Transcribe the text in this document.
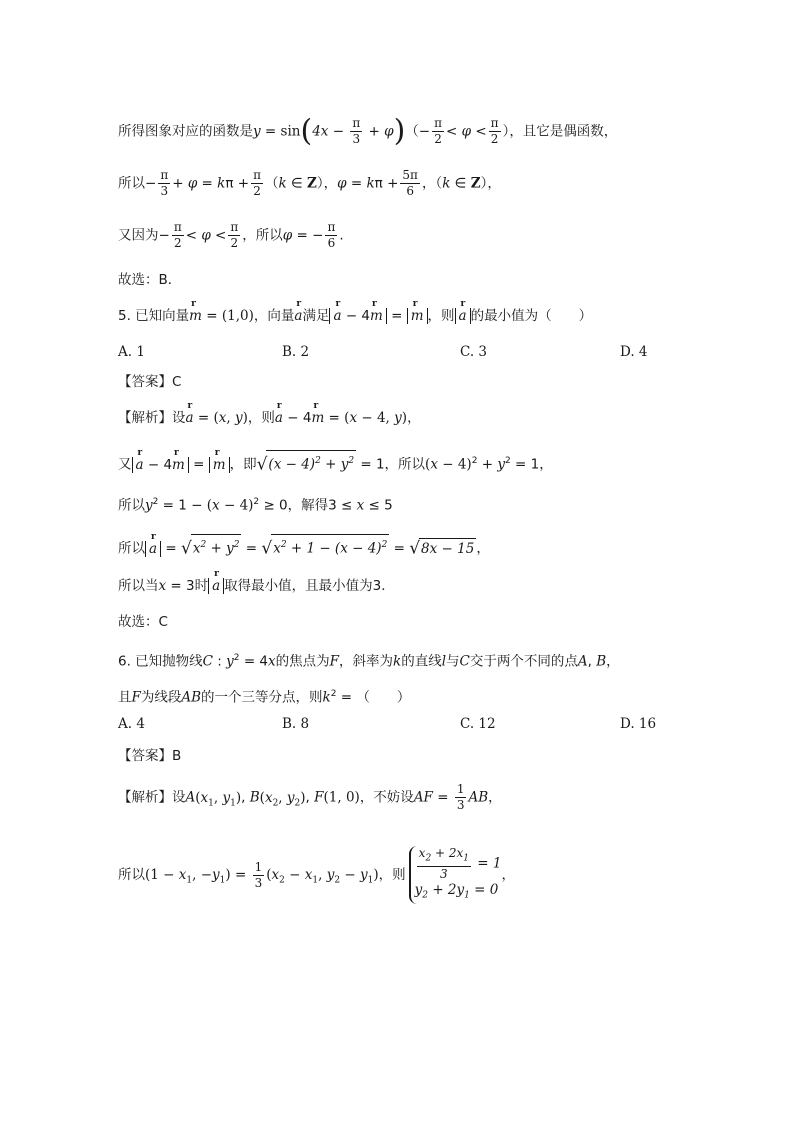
所得图象对应的函数是$y = \sin(4x - \frac{\pi}{3} + \varphi)(- \frac{\pi}{2} < \varphi < \frac{\pi}{2}$ ），且它是偶函数，
所以− $\frac{\pi}{3} + \varphi = k\pi + \frac{\pi}{2} (k$ ∈ Z），$\varphi = k\pi + \frac{5\pi}{6}$ ，（k ∈ Z），
又因为− $\frac{\pi}{2} < \varphi < \frac{\pi}{2}$ ，所以φ = − $\frac{\pi}{6}$ .
故选：B．
5. 已知向量r m = (1,0)，向量r a满足 r a − 4r m = r m ，则 r a 的最小值为（　　）
A. 1	B. 2	C. 3	D. 4
【答案】C
【解析】设r a = (x, y)，则r a − 4r m = (x − 4, y)，
又 r a − 4r m = r m ，即$√(x - 4)^2 + y^2 = 1$，所以$(x - 4)^2 + y^2 = 1$，
所以$y^2 = 1 - (x - 4)^2 \ge 0$，解得3 ≤ x ≤ 5
所以 r $a = √x^2 + y^2 = √x^2 + 1 - (x - 4)^2 = √8x - 15$ ，
所以当x = 3时 r a 取得最小值，且最小值为3．
故选：C
6. 已知抛物线C : $y^2 = 4x$的焦点为F，斜率为k的直线l与C交于两个不同的点A, B，
且F为线段AB的一个三等分点，则$k^2$ = （　　）
A. 4	B. 8	C. 12	D. 16
【答案】B
【解析】设$A(x_1$, $y_1$), $B(x_2$, $y_2$), F(1, 0)，不妨设AF = $\frac{1}{3}$ AB，
所以($1 - x_1$, $-y_1) = \frac{1}{3} (x_2 - x_1$, $y_2 - y_1$)，则 $\frac{x_2 + 2x_1}{3} = 1$
$y_2 + 2y_1 = 0$
，
